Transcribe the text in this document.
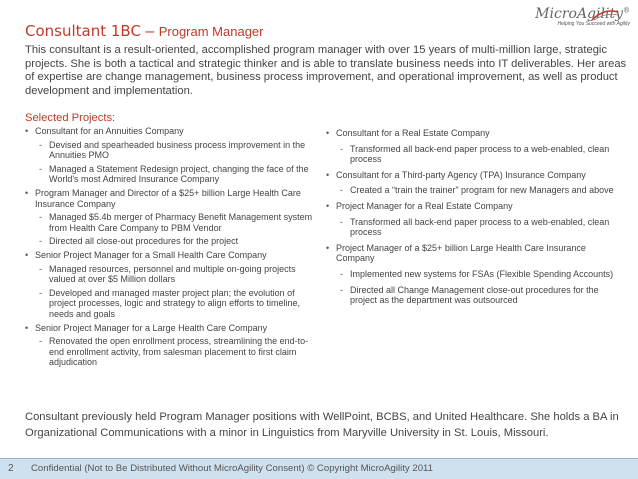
Consultant 1BC – Program Manager
MicroAgility®
Helping You Succeed with Agility
This consultant is a result-oriented, accomplished program manager with over 15 years of multi-million large, strategic projects. She is both a tactical and strategic thinker and is able to translate business needs into IT deliverables. Her areas of expertise are change management, business process improvement, and operational improvement, as well as product development and implementation.
Selected Projects:
• Consultant for an Annuities Company
- Devised and spearheaded business process improvement in the Annuities PMO
- Managed a Statement Redesign project, changing the face of the World's most Admired Insurance Company
• Program Manager and Director of a $25+ billion Large Health Care Insurance Company
- Managed $5.4b merger of Pharmacy Benefit Management system from Health Care Company to PBM Vendor
- Directed all close-out procedures for the project
• Senior Project Manager for a Small Health Care Company
- Managed resources, personnel and multiple on-going projects valued at over $5 Million dollars
- Developed and managed master project plan; the evolution of project processes, logic and strategy to align efforts to timeline, needs and goals
• Senior Project Manager for a Large Health Care Company
- Renovated the open enrollment process, streamlining the end-to-end enrollment activity, from salesman placement to first claim adjudication
• Consultant for a Real Estate Company
- Transformed all back-end paper process to a web-enabled, clean process
• Consultant for a Third-party Agency (TPA) Insurance Company
- Created a “train the trainer” program for new Managers and above
• Project Manager for a Real Estate Company
- Transformed all back-end paper process to a web-enabled, clean process
• Project Manager of a $25+ billion Large Health Care Insurance Company
- Implemented new systems for FSAs (Flexible Spending Accounts)
- Directed all Change Management close-out procedures for the project as the department was outsourced
Consultant previously held Program Manager positions with WellPoint, BCBS, and United Healthcare. She holds a BA in Organizational Communications with a minor in Linguistics from Maryville University in St. Louis, Missouri.
2 Confidential (Not to Be Distributed Without MicroAgility Consent) © Copyright MicroAgility 2011
